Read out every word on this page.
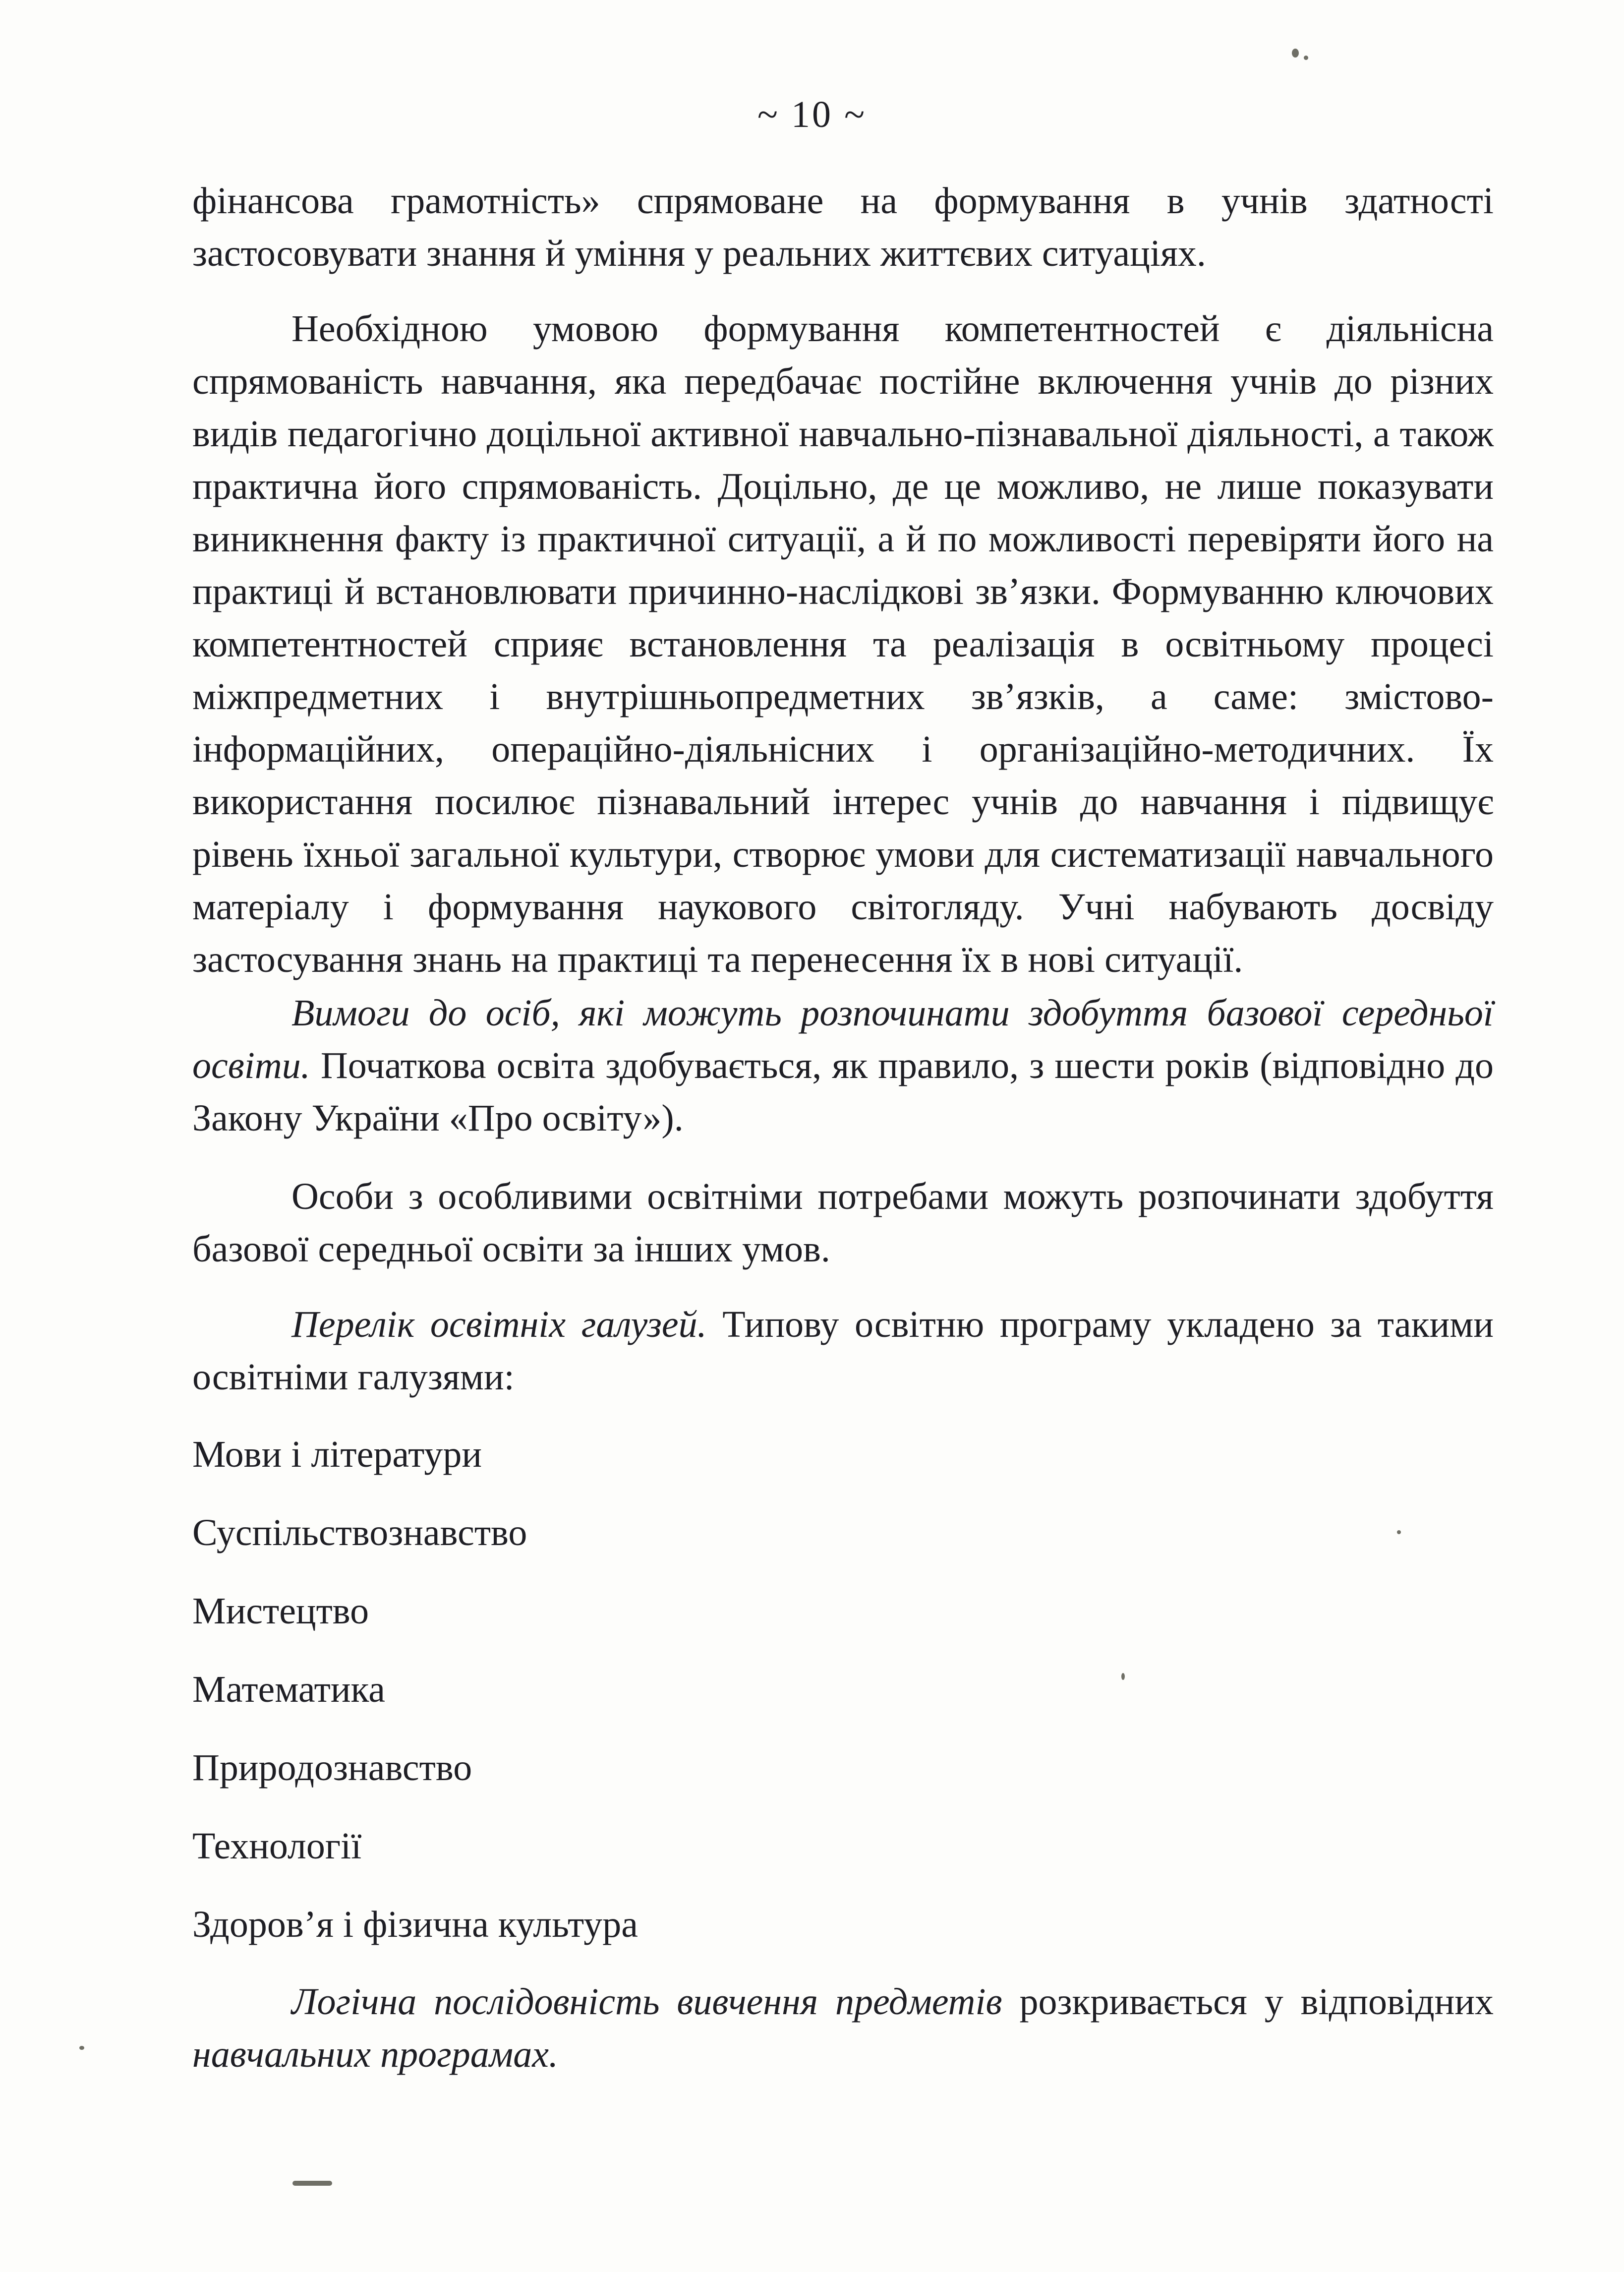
~ 10 ~

фінансова грамотність» спрямоване на формування в учнів здатності застосовувати знання й уміння у реальних життєвих ситуаціях.

Необхідною умовою формування компетентностей є діяльнісна спрямованість навчання, яка передбачає постійне включення учнів до різних видів педагогічно доцільної активної навчально-пізнавальної діяльності, а також практична його спрямованість. Доцільно, де це можливо, не лише показувати виникнення факту із практичної ситуації, а й по можливості перевіряти його на практиці й встановлювати причинно-наслідкові зв’язки. Формуванню ключових компетентностей сприяє встановлення та реалізація в освітньому процесі міжпредметних і внутрішньопредметних зв’язків, а саме: змістово-інформаційних, операційно-діяльнісних і організаційно-методичних. Їх використання посилює пізнавальний інтерес учнів до навчання і підвищує рівень їхньої загальної культури, створює умови для систематизації навчального матеріалу і формування наукового світогляду. Учні набувають досвіду застосування знань на практиці та перенесення їх в нові ситуації.

Вимоги до осіб, які можуть розпочинати здобуття базової середньої освіти. Початкова освіта здобувається, як правило, з шести років (відповідно до Закону України «Про освіту»).

Особи з особливими освітніми потребами можуть розпочинати здобуття базової середньої освіти за інших умов.

Перелік освітніх галузей. Типову освітню програму укладено за такими освітніми галузями:

Мови і літератури
Суспільствознавство
Мистецтво
Математика
Природознавство
Технології
Здоров’я і фізична культура

Логічна послідовність вивчення предметів розкривається у відповідних навчальних програмах.
